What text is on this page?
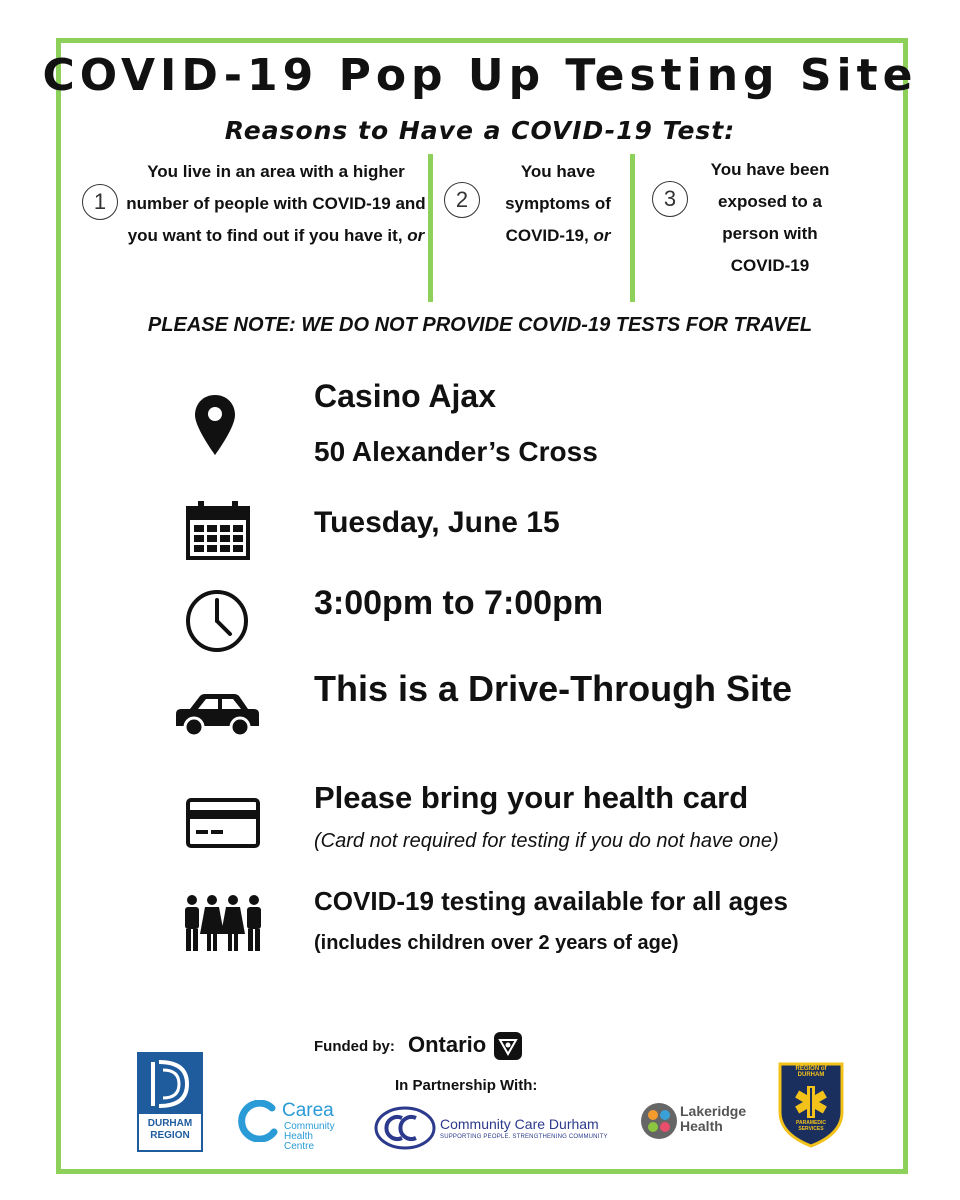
COVID-19 Pop Up Testing Site
Reasons to Have a COVID-19 Test:
1
You live in an area with a higher number of people with COVID-19 and you want to find out if you have it, or
2
You have symptoms of COVID-19, or
3
You have been exposed to a person with COVID-19
PLEASE NOTE: WE DO NOT PROVIDE COVID-19 TESTS FOR TRAVEL
Casino Ajax
50 Alexander’s Cross
Tuesday, June 15
3:00pm to 7:00pm
This is a Drive-Through Site
Please bring your health card
(Card not required for testing if you do not have one)
COVID-19 testing available for all ages
(includes children over 2 years of age)
Funded by: Ontario
In Partnership With:
DURHAM REGION
Carea
Community Health Centre
Community Care Durham
SUPPORTING PEOPLE. STRENGTHENING COMMUNITY
Lakeridge Health
REGION of DURHAM
PARAMEDIC SERVICES
